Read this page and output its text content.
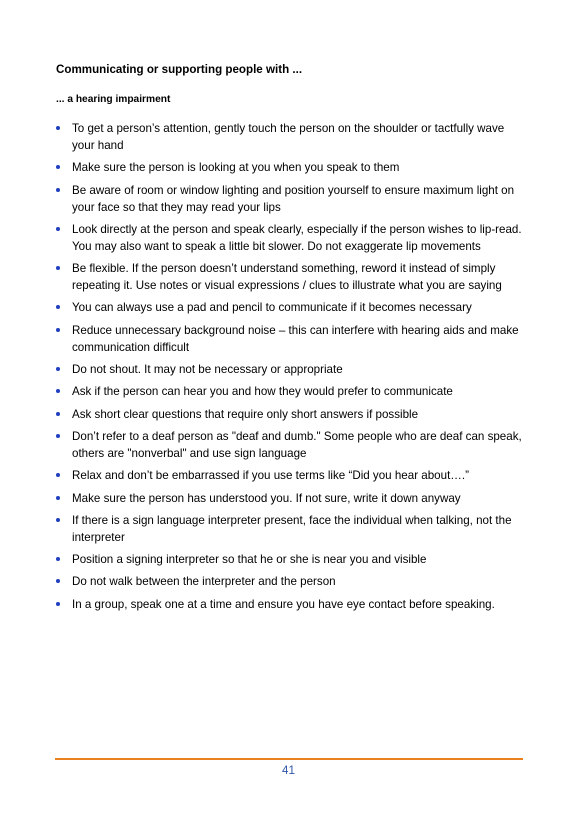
Communicating or supporting people with ...
... a hearing impairment
To get a person’s attention, gently touch the person on the shoulder or tactfully wave your hand
Make sure the person is looking at you when you speak to them
Be aware of room or window lighting and position yourself to ensure maximum light on your face so that they may read your lips
Look directly at the person and speak clearly, especially if the person wishes to lip-read. You may also want to speak a little bit slower. Do not exaggerate lip movements
Be flexible. If the person doesn’t understand something, reword it instead of simply repeating it. Use notes or visual expressions / clues to illustrate what you are saying
You can always use a pad and pencil to communicate if it becomes necessary
Reduce unnecessary background noise – this can interfere with hearing aids and make communication difficult
Do not shout. It may not be necessary or appropriate
Ask if the person can hear you and how they would prefer to communicate
Ask short clear questions that require only short answers if possible
Don’t refer to a deaf person as "deaf and dumb." Some people who are deaf can speak, others are "nonverbal" and use sign language
Relax and don’t be embarrassed if you use terms like “Did you hear about….”
Make sure the person has understood you. If not sure, write it down anyway
If there is a sign language interpreter present, face the individual when talking, not the interpreter
Position a signing interpreter so that he or she is near you and visible
Do not walk between the interpreter and the person
In a group, speak one at a time and ensure you have eye contact before speaking.
41
